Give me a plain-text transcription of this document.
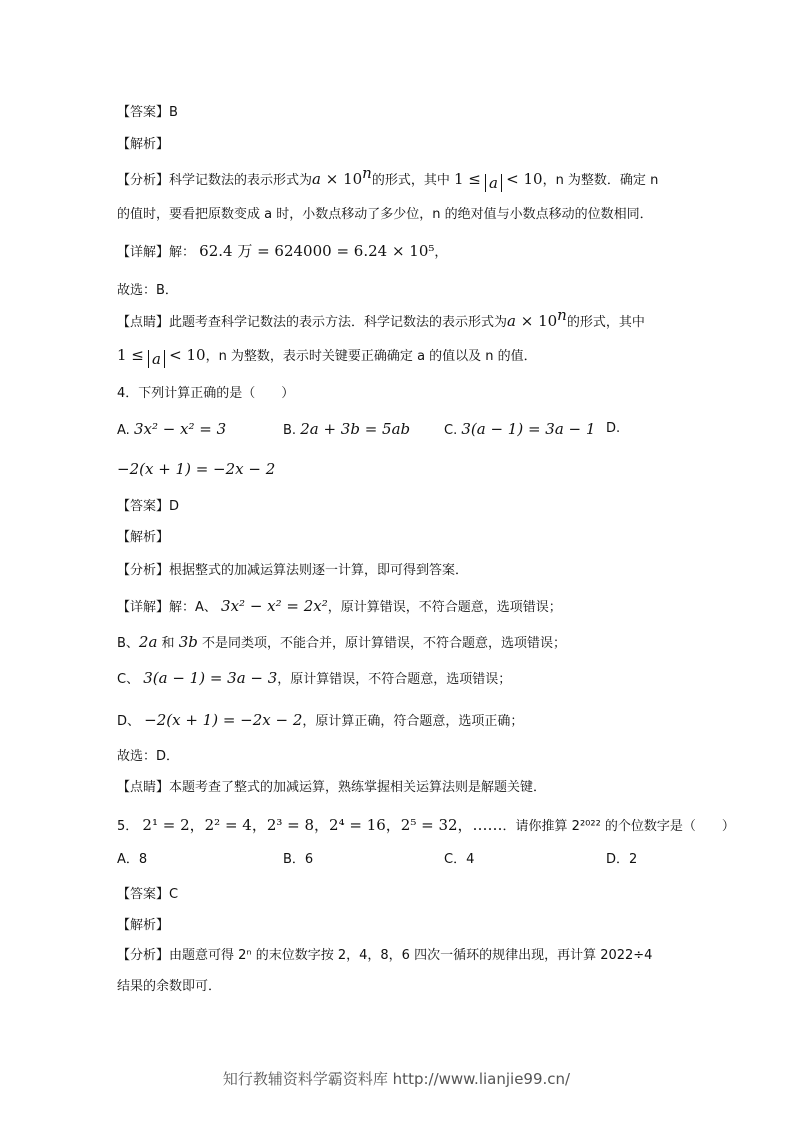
【答案】B
【解析】
【分析】科学记数法的表示形式为$a \times 10^n$的形式，其中 1 ≤ a < 10，n 为整数．确定 n
的值时，要看把原数变成 a 时，小数点移动了多少位，n 的绝对值与小数点移动的位数相同．
【详解】解： 62.4 万 = 624000 = 6.24 × 10⁵，
故选：B．
【点睛】此题考查科学记数法的表示方法．科学记数法的表示形式为$a \times 10^n$的形式，其中
1 ≤ a < 10，n 为整数，表示时关键要正确确定 a 的值以及 n 的值．
4．下列计算正确的是（　　）
A. 3x² − x² = 3	B. 2a + 3b = 5ab	C. 3(a − 1) = 3a − 1 D.
−2(x + 1) = −2x − 2
【答案】D
【解析】
【分析】根据整式的加减运算法则逐一计算，即可得到答案．
【详解】解：A、 3x² − x² = 2x²，原计算错误，不符合题意，选项错误；
B、2a 和 3b 不是同类项，不能合并，原计算错误，不符合题意，选项错误；
C、 3(a − 1) = 3a − 3，原计算错误，不符合题意，选项错误；
D、 −2(x + 1) = −2x − 2，原计算正确，符合题意，选项正确；
故选：D．
【点睛】本题考查了整式的加减运算，熟练掌握相关运算法则是解题关键．
5． 2¹ = 2，2² = 4，2³ = 8，2⁴ = 16，2⁵ = 32，……．请你推算 2²⁰²² 的个位数字是（　　）
A．8	B．6	C．4	D．2
【答案】C
【解析】
【分析】由题意可得 2ⁿ 的末位数字按 2，4，8，6 四次一循环的规律出现，再计算 2022÷4
结果的余数即可．
知行教辅资料学霸资料库 http://www.lianjie99.cn/
